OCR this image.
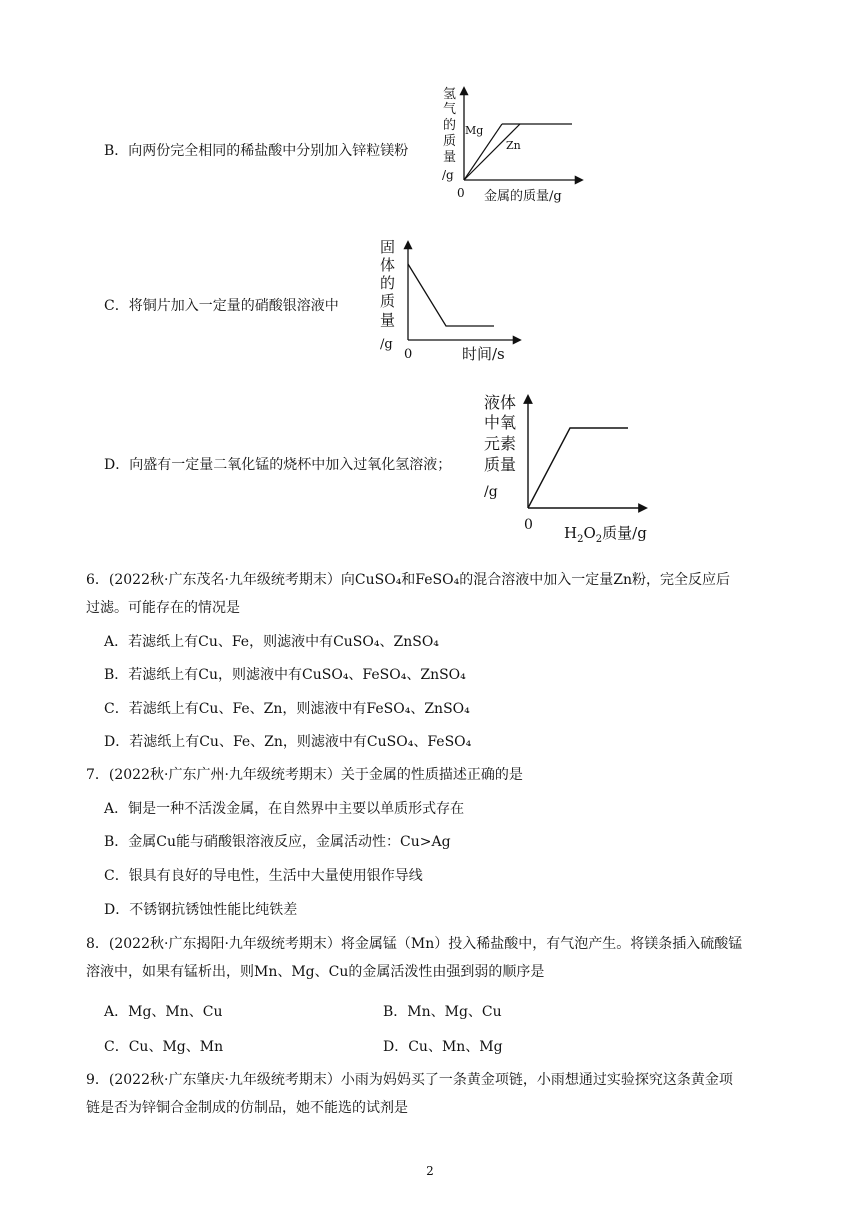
B．向两份完全相同的稀盐酸中分别加入锌粒镁粉
氢
气
的
质
量
/g
Mg
Zn
0 金属的质量/g
C．将铜片加入一定量的硝酸银溶液中
固
体
的
质
量
/g
0	时间/s
D．向盛有一定量二氧化锰的烧杯中加入过氧化氢溶液；
液体
中氧
元素
质量
/g
0 $H_2O_2$质量/g
6．(2022秋·广东茂名·九年级统考期末）向CuSO₄和FeSO₄的混合溶液中加入一定量Zn粉，完全反应后
过滤。可能存在的情况是
A．若滤纸上有Cu、Fe，则滤液中有CuSO₄、ZnSO₄
B．若滤纸上有Cu，则滤液中有CuSO₄、FeSO₄、ZnSO₄
C．若滤纸上有Cu、Fe、Zn，则滤液中有FeSO₄、ZnSO₄
D．若滤纸上有Cu、Fe、Zn，则滤液中有CuSO₄、FeSO₄
7．(2022秋·广东广州·九年级统考期末）关于金属的性质描述正确的是
A．铜是一种不活泼金属，在自然界中主要以单质形式存在
B．金属Cu能与硝酸银溶液反应，金属活动性：Cu>Ag
C．银具有良好的导电性，生活中大量使用银作导线
D．不锈钢抗锈蚀性能比纯铁差
8．(2022秋·广东揭阳·九年级统考期末）将金属锰（Mn）投入稀盐酸中，有气泡产生。将镁条插入硫酸锰
溶液中，如果有锰析出，则Mn、Mg、Cu的金属活泼性由强到弱的顺序是
A．Mg、Mn、Cu	B．Mn、Mg、Cu
C．Cu、Mg、Mn	D．Cu、Mn、Mg
9．(2022秋·广东肇庆·九年级统考期末）小雨为妈妈买了一条黄金项链，小雨想通过实验探究这条黄金项
链是否为锌铜合金制成的仿制品，她不能选的试剂是
2
